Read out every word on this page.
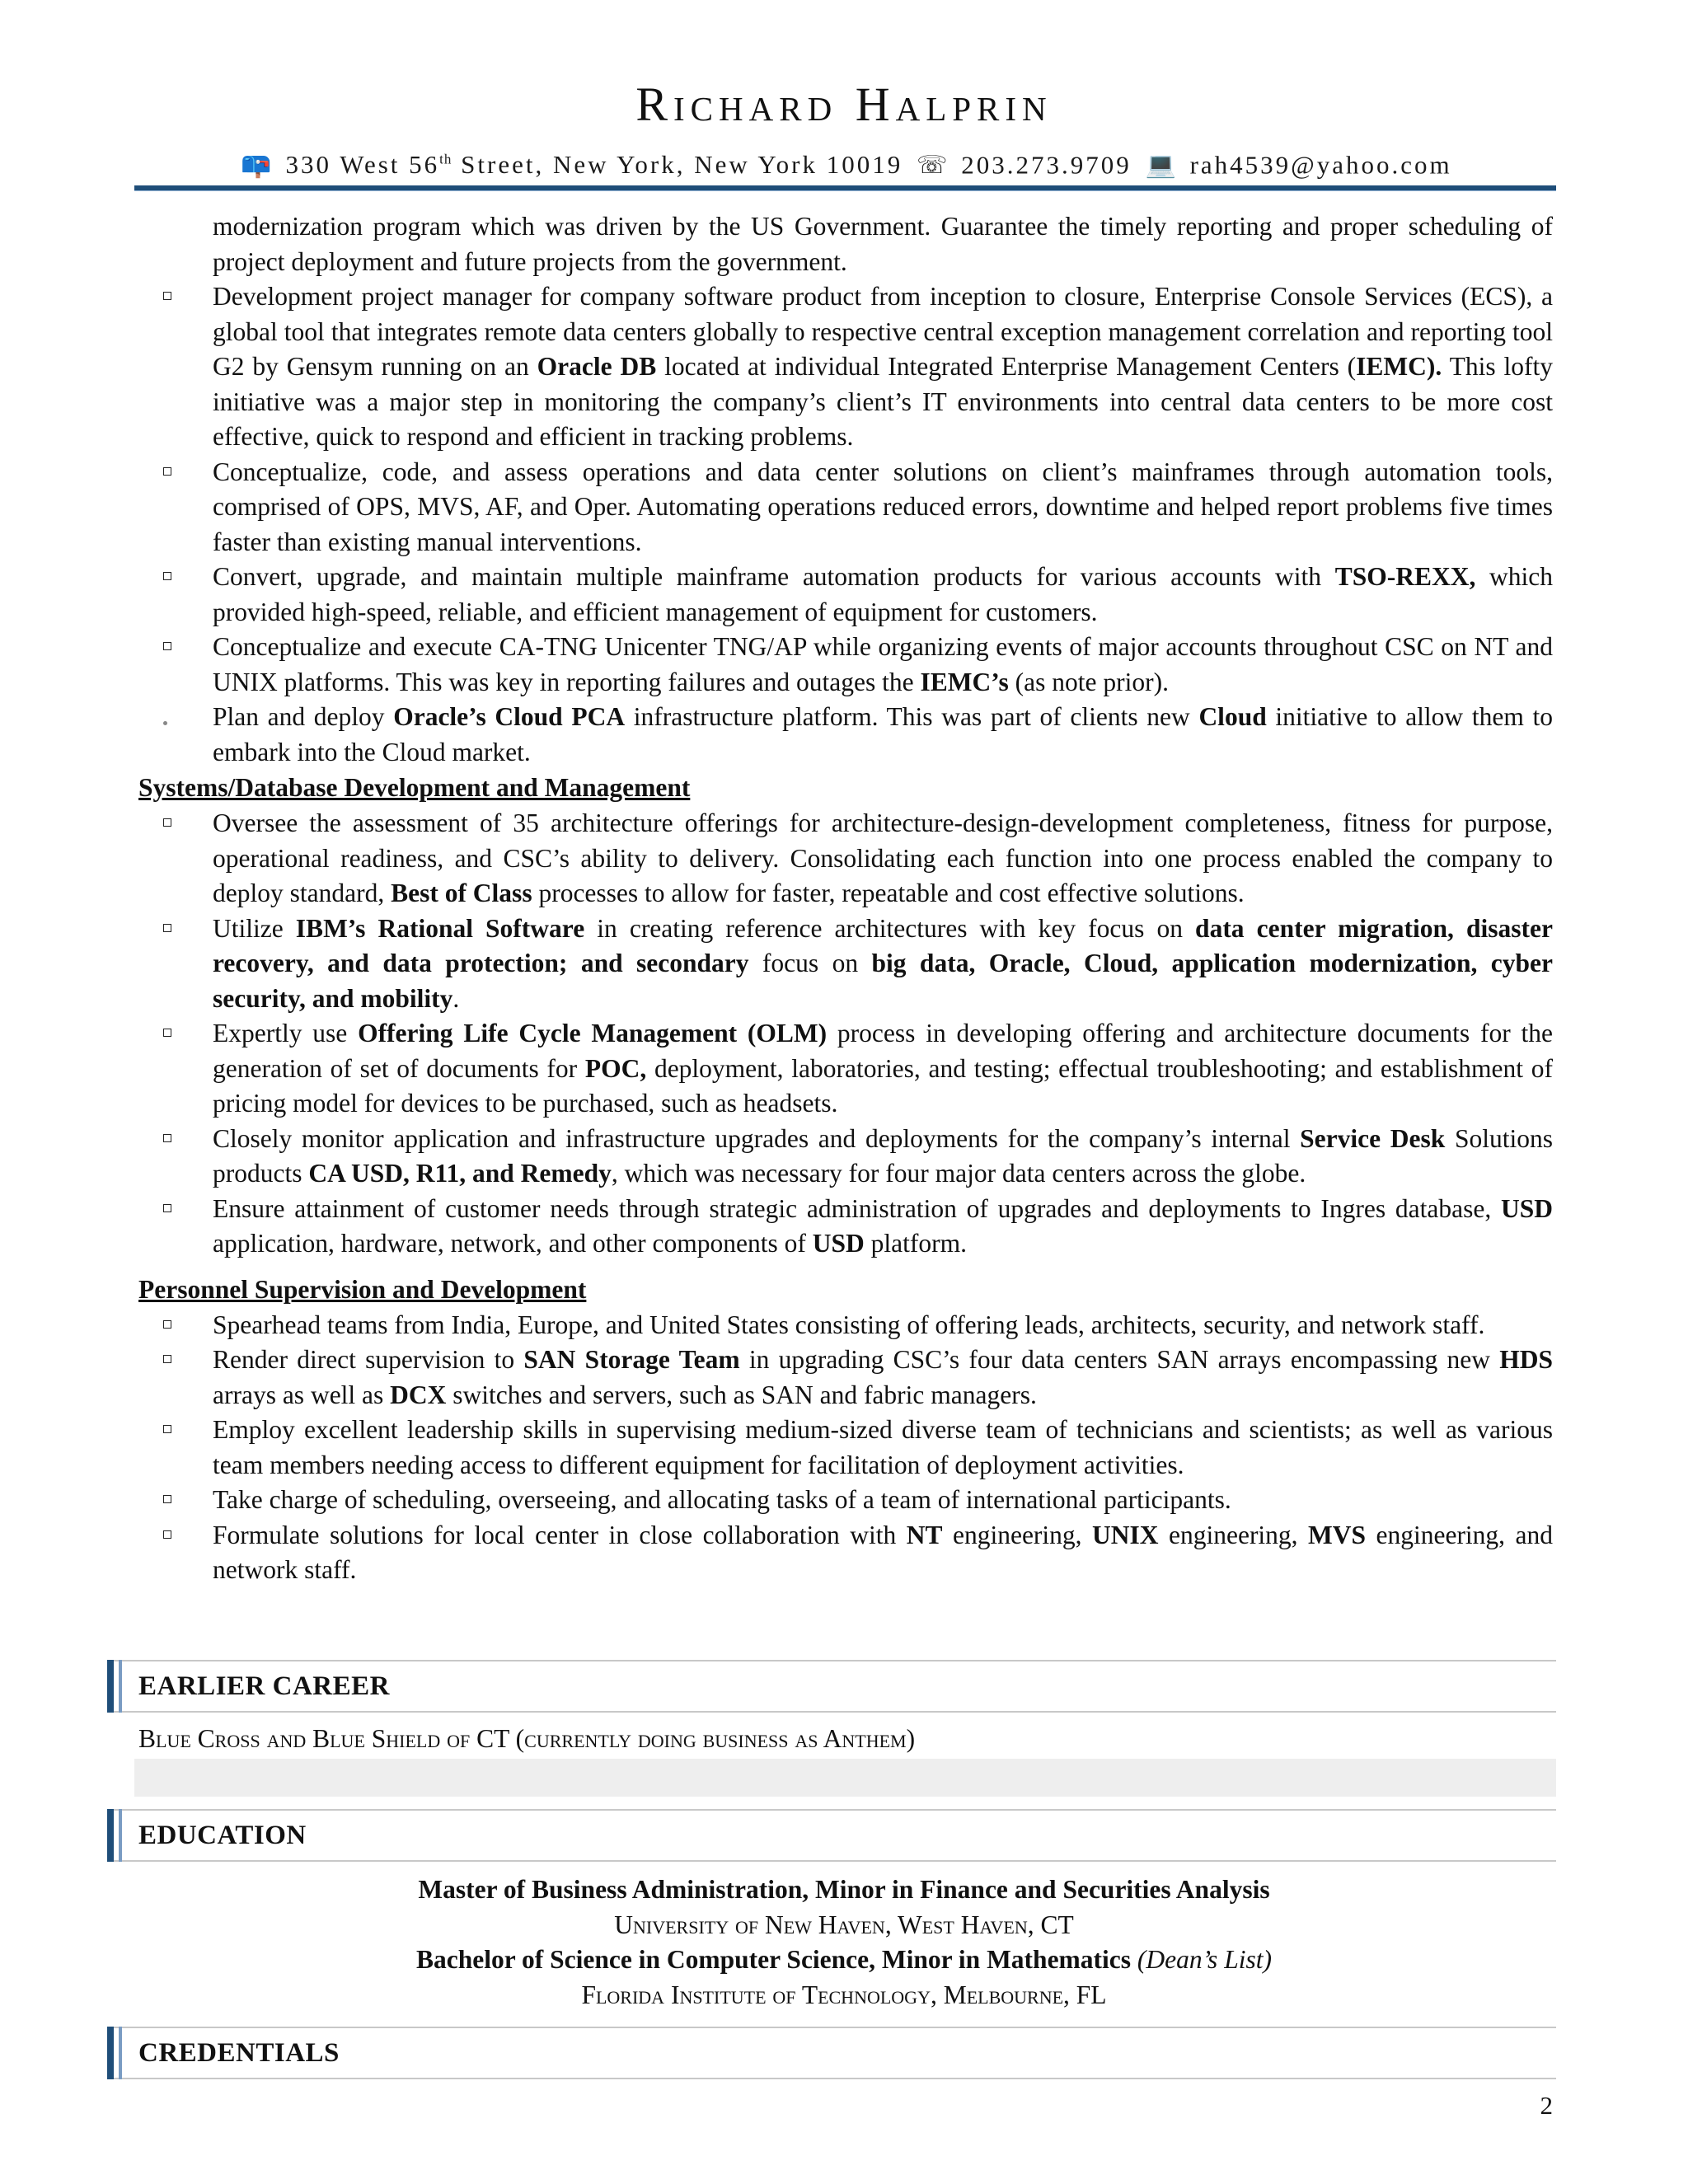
Richard Halprin
📪 330 West 56th Street, New York, New York 10019 ☏ 203.273.9709 💻 rah4539@yahoo.com
modernization program which was driven by the US Government. Guarantee the timely reporting and proper scheduling of project deployment and future projects from the government.
Development project manager for company software product from inception to closure, Enterprise Console Services (ECS), a global tool that integrates remote data centers globally to respective central exception management correlation and reporting tool G2 by Gensym running on an Oracle DB located at individual Integrated Enterprise Management Centers (IEMC). This lofty initiative was a major step in monitoring the company’s client’s IT environments into central data centers to be more cost effective, quick to respond and efficient in tracking problems.
Conceptualize, code, and assess operations and data center solutions on client’s mainframes through automation tools, comprised of OPS, MVS, AF, and Oper. Automating operations reduced errors, downtime and helped report problems five times faster than existing manual interventions.
Convert, upgrade, and maintain multiple mainframe automation products for various accounts with TSO-REXX, which provided high-speed, reliable, and efficient management of equipment for customers.
Conceptualize and execute CA-TNG Unicenter TNG/AP while organizing events of major accounts throughout CSC on NT and UNIX platforms. This was key in reporting failures and outages the IEMC’s (as note prior).
Plan and deploy Oracle’s Cloud PCA infrastructure platform. This was part of clients new Cloud initiative to allow them to embark into the Cloud market.
Systems/Database Development and Management
Oversee the assessment of 35 architecture offerings for architecture-design-development completeness, fitness for purpose, operational readiness, and CSC’s ability to delivery. Consolidating each function into one process enabled the company to deploy standard, Best of Class processes to allow for faster, repeatable and cost effective solutions.
Utilize IBM’s Rational Software in creating reference architectures with key focus on data center migration, disaster recovery, and data protection; and secondary focus on big data, Oracle, Cloud, application modernization, cyber security, and mobility.
Expertly use Offering Life Cycle Management (OLM) process in developing offering and architecture documents for the generation of set of documents for POC, deployment, laboratories, and testing; effectual troubleshooting; and establishment of pricing model for devices to be purchased, such as headsets.
Closely monitor application and infrastructure upgrades and deployments for the company’s internal Service Desk Solutions products CA USD, R11, and Remedy, which was necessary for four major data centers across the globe.
Ensure attainment of customer needs through strategic administration of upgrades and deployments to Ingres database, USD application, hardware, network, and other components of USD platform.
Personnel Supervision and Development
Spearhead teams from India, Europe, and United States consisting of offering leads, architects, security, and network staff.
Render direct supervision to SAN Storage Team in upgrading CSC’s four data centers SAN arrays encompassing new HDS arrays as well as DCX switches and servers, such as SAN and fabric managers.
Employ excellent leadership skills in supervising medium-sized diverse team of technicians and scientists; as well as various team members needing access to different equipment for facilitation of deployment activities.
Take charge of scheduling, overseeing, and allocating tasks of a team of international participants.
Formulate solutions for local center in close collaboration with NT engineering, UNIX engineering, MVS engineering, and network staff.
EARLIER CAREER
Blue Cross and Blue Shield of CT (currently doing business as Anthem)
EDUCATION
Master of Business Administration, Minor in Finance and Securities Analysis
University of New Haven, West Haven, CT
Bachelor of Science in Computer Science, Minor in Mathematics (Dean’s List)
Florida Institute of Technology, Melbourne, FL
CREDENTIALS
2
